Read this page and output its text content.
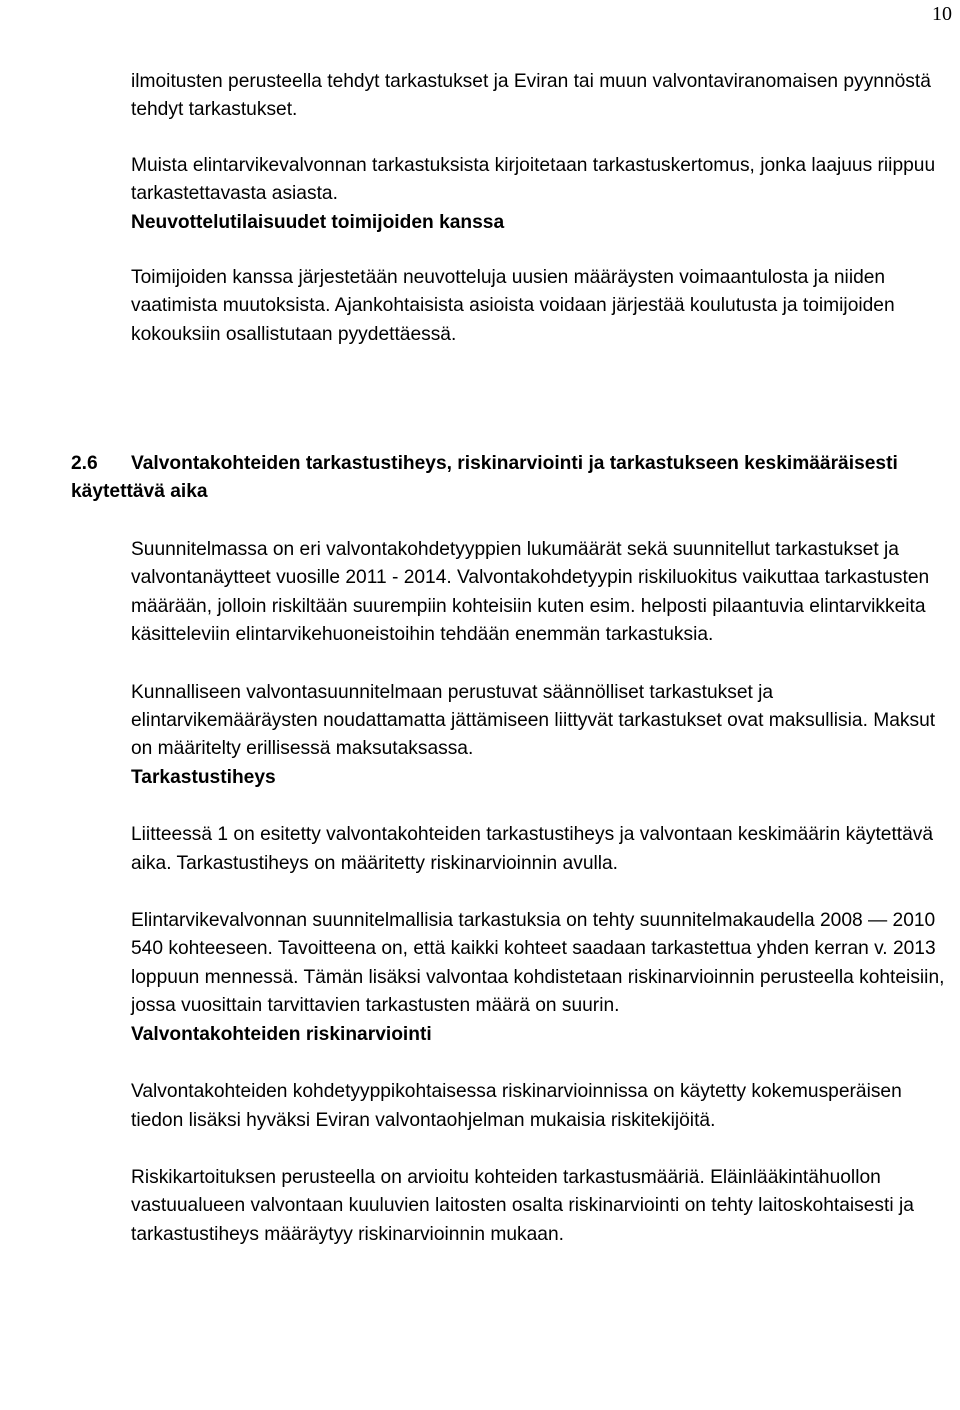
10

ilmoitusten perusteella tehdyt tarkastukset ja Eviran tai muun valvontaviranomaisen pyynnöstä tehdyt tarkastukset.

Muista elintarvikevalvonnan tarkastuksista kirjoitetaan tarkastuskertomus, jonka laajuus riippuu tarkastettavasta asiasta.

Neuvottelutilaisuudet toimijoiden kanssa

Toimijoiden kanssa järjestetään neuvotteluja uusien määräysten voimaantulosta ja niiden vaatimista muutoksista. Ajankohtaisista asioista voidaan järjestää koulutusta ja toimijoiden kokouksiin osallistutaan pyydettäessä.

2.6 Valvontakohteiden tarkastustiheys, riskinarviointi ja tarkastukseen keskimääräisesti käytettävä aika

Suunnitelmassa on eri valvontakohdetyyppien lukumäärät sekä suunnitellut tarkastukset ja valvontanäytteet vuosille 2011 - 2014. Valvontakohdetyypin riskiluokitus vaikuttaa tarkastusten määrään, jolloin riskiltään suurempiin kohteisiin kuten esim. helposti pilaantuvia elintarvikkeita käsitteleviin elintarvikehuoneistoihin tehdään enemmän tarkastuksia.

Kunnalliseen valvontasuunnitelmaan perustuvat säännölliset tarkastukset ja elintarvikemääräysten noudattamatta jättämiseen liittyvät tarkastukset ovat maksullisia. Maksut on määritelty erillisessä maksutaksassa.

Tarkastustiheys

Liitteessä 1 on esitetty valvontakohteiden tarkastustiheys ja valvontaan keskimäärin käytettävä aika. Tarkastustiheys on määritetty riskinarvioinnin avulla.

Elintarvikevalvonnan suunnitelmallisia tarkastuksia on tehty suunnitelmakaudella 2008 — 2010 540 kohteeseen. Tavoitteena on, että kaikki kohteet saadaan tarkastettua yhden kerran v. 2013 loppuun mennessä. Tämän lisäksi valvontaa kohdistetaan riskinarvioinnin perusteella kohteisiin, jossa vuosittain tarvittavien tarkastusten määrä on suurin.

Valvontakohteiden riskinarviointi

Valvontakohteiden kohdetyyppikohtaisessa riskinarvioinnissa on käytetty kokemusperäisen tiedon lisäksi hyväksi Eviran valvontaohjelman mukaisia riskitekijöitä.

Riskikartoituksen perusteella on arvioitu kohteiden tarkastusmääriä. Eläinlääkintähuollon vastuualueen valvontaan kuuluvien laitosten osalta riskinarviointi on tehty laitoskohtaisesti ja tarkastustiheys määräytyy riskinarvioinnin mukaan.
